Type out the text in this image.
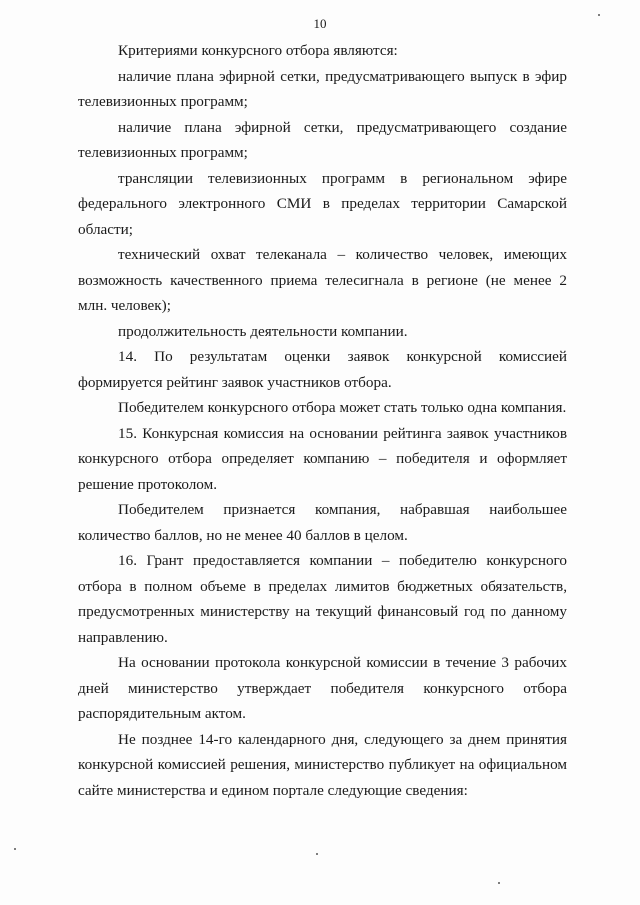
10

Критериями конкурсного отбора являются:

наличие плана эфирной сетки, предусматривающего выпуск в эфир телевизионных программ;

наличие плана эфирной сетки, предусматривающего создание телевизионных программ;

трансляции телевизионных программ в региональном эфире федерального электронного СМИ в пределах территории Самарской области;

технический охват телеканала – количество человек, имеющих возможность качественного приема телесигнала в регионе (не менее 2 млн. человек);

продолжительность деятельности компании.

14. По результатам оценки заявок конкурсной комиссией формируется рейтинг заявок участников отбора.

Победителем конкурсного отбора может стать только одна компания.

15. Конкурсная комиссия на основании рейтинга заявок участников конкурсного отбора определяет компанию – победителя и оформляет решение протоколом.

Победителем признается компания, набравшая наибольшее количество баллов, но не менее 40 баллов в целом.

16. Грант предоставляется компании – победителю конкурсного отбора в полном объеме в пределах лимитов бюджетных обязательств, предусмотренных министерству на текущий финансовый год по данному направлению.

На основании протокола конкурсной комиссии в течение 3 рабочих дней министерство утверждает победителя конкурсного отбора распорядительным актом.

Не позднее 14-го календарного дня, следующего за днем принятия конкурсной комиссией решения, министерство публикует на официальном сайте министерства и едином портале следующие сведения:
